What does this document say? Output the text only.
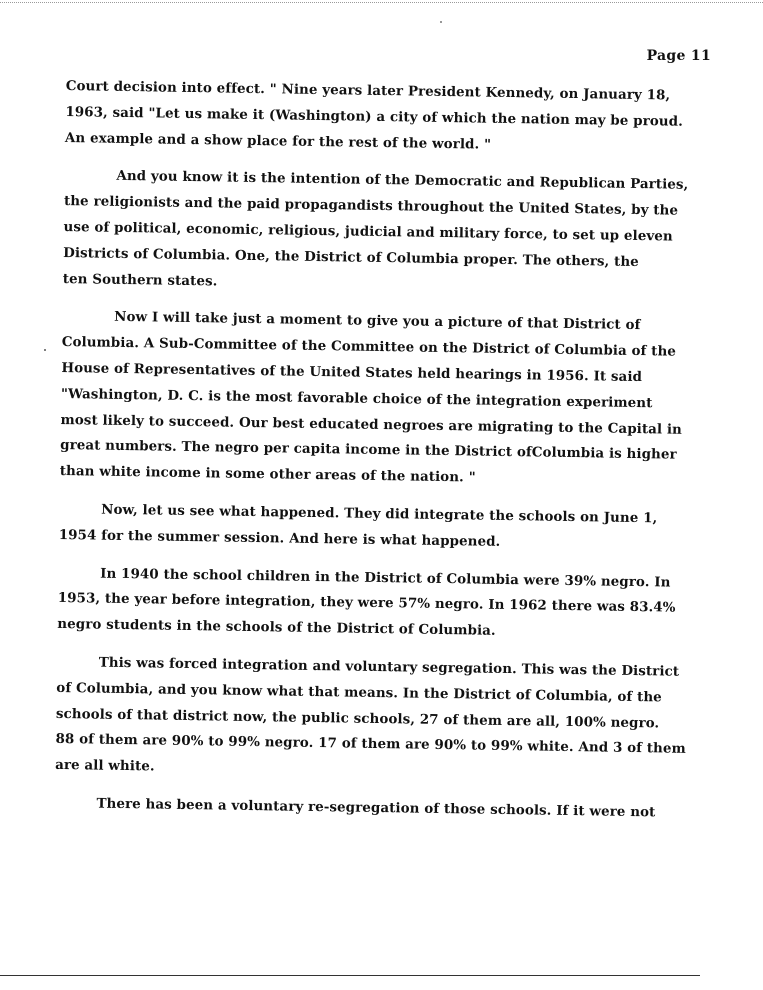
Page 11
Court decision into effect. " Nine years later President Kennedy, on January 18,
1963, said "Let us make it (Washington) a city of which the nation may be proud.
An example and a show place for the rest of the world. "
And you know it is the intention of the Democratic and Republican Parties,
the religionists and the paid propagandists throughout the United States, by the
use of political, economic, religious, judicial and military force, to set up eleven
Districts of Columbia. One, the District of Columbia proper. The others, the
ten Southern states.
Now I will take just a moment to give you a picture of that District of
Columbia. A Sub-Committee of the Committee on the District of Columbia of the
House of Representatives of the United States held hearings in 1956. It said
"Washington, D. C. is the most favorable choice of the integration experiment
most likely to succeed. Our best educated negroes are migrating to the Capital in
great numbers. The negro per capita income in the District ofColumbia is higher
than white income in some other areas of the nation. "
Now, let us see what happened. They did integrate the schools on June 1,
1954 for the summer session. And here is what happened.
In 1940 the school children in the District of Columbia were 39% negro. In
1953, the year before integration, they were 57% negro. In 1962 there was 83.4%
negro students in the schools of the District of Columbia.
This was forced integration and voluntary segregation. This was the District
of Columbia, and you know what that means. In the District of Columbia, of the
schools of that district now, the public schools, 27 of them are all, 100% negro.
88 of them are 90% to 99% negro. 17 of them are 90% to 99% white. And 3 of them
are all white.
There has been a voluntary re-segregation of those schools. If it were not
